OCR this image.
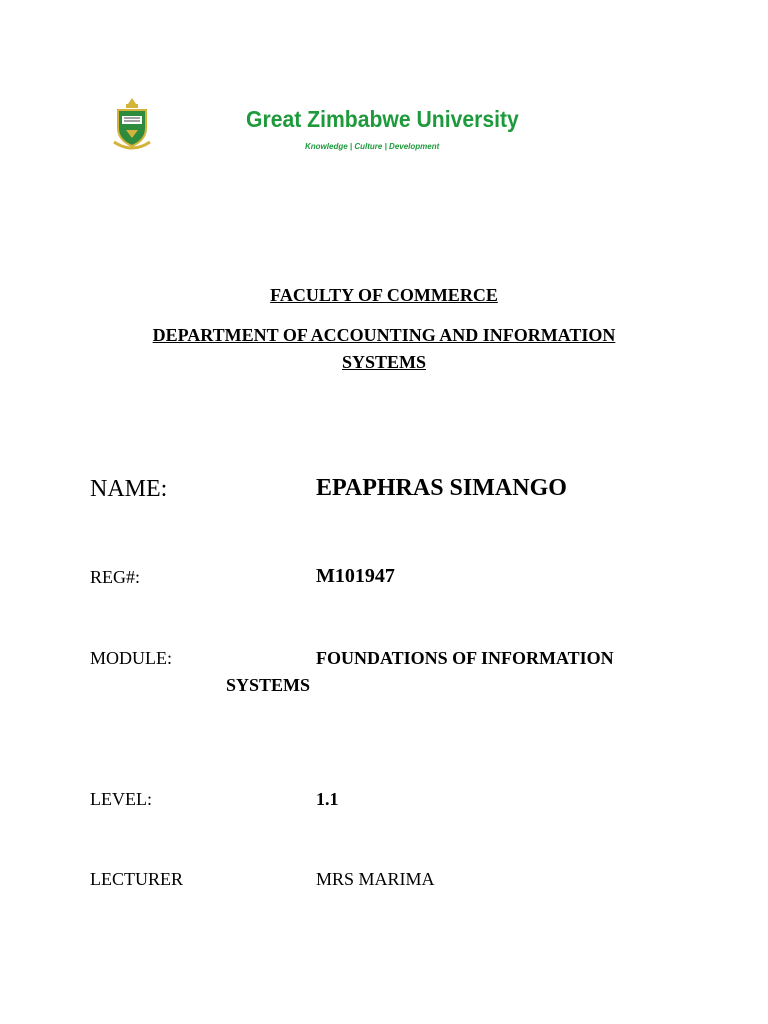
Great Zimbabwe University
Knowledge | Culture | Development
FACULTY OF COMMERCE
DEPARTMENT OF ACCOUNTING AND INFORMATION
SYSTEMS
NAME:	EPAPHRAS SIMANGO
REG#:	M101947
MODULE:	FOUNDATIONS OF INFORMATION
SYSTEMS
LEVEL:	1.1
LECTURER	MRS MARIMA
